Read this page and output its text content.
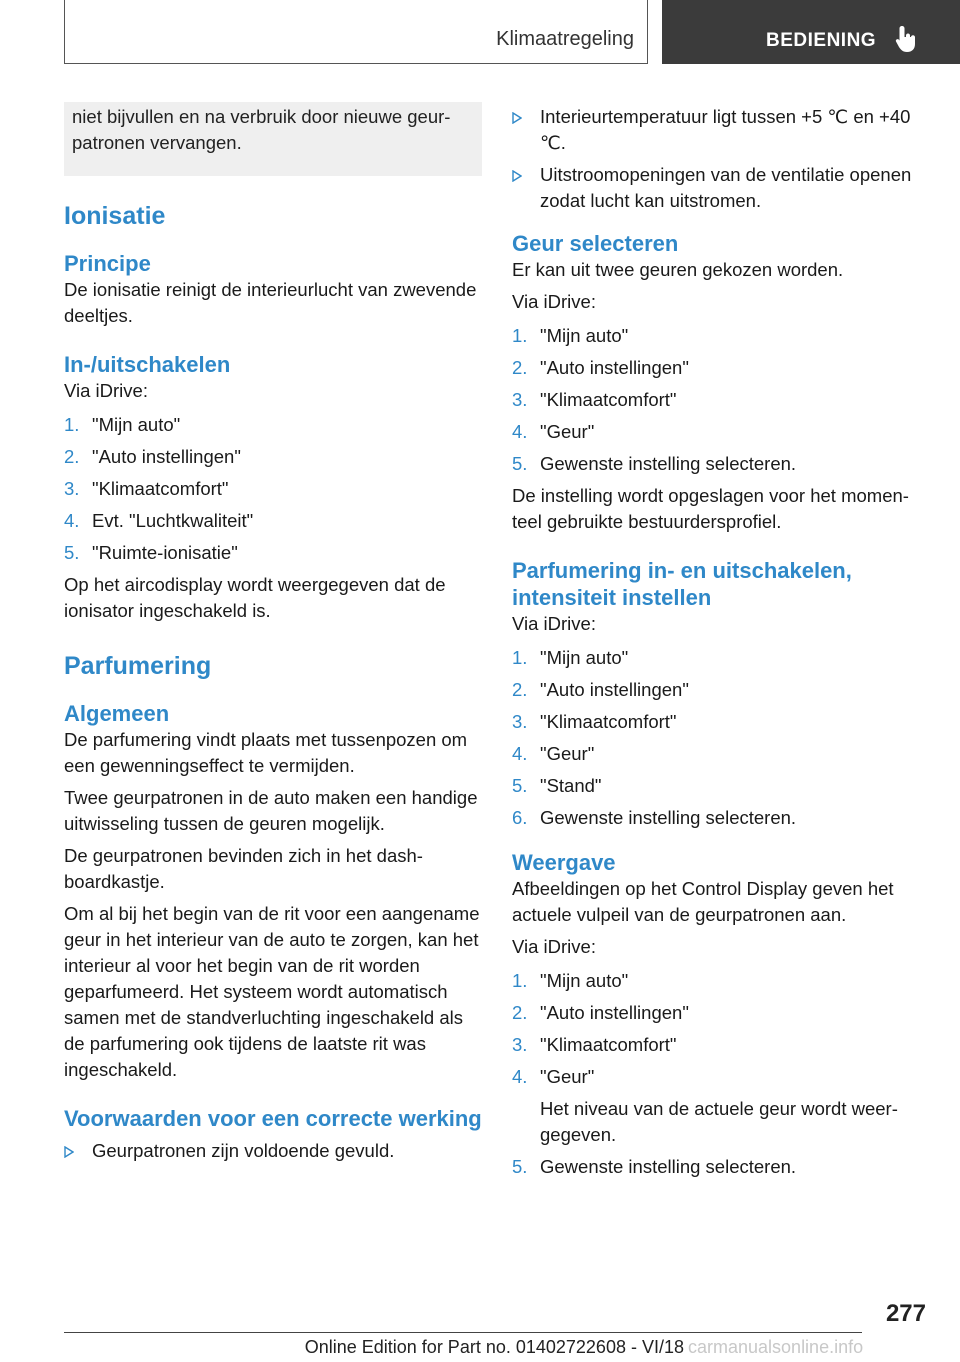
Klimaatregeling	BEDIENING
niet bijvullen en na verbruik door nieuwe geurpatronen vervangen.
Ionisatie
Principe

De ionisatie reinigt de interieurlucht van zwevende deeltjes.

In-/uitschakelen

Via iDrive:

1. "Mijn auto"
2. "Auto instellingen"
3. "Klimaatcomfort"
4. Evt. "Luchtkwaliteit"
5. "Ruimte-ionisatie"

Op het aircodisplay wordt weergegeven dat de ionisator ingeschakeld is.

Parfumering
Algemeen

De parfumering vindt plaats met tussenpozen om een gewenningseffect te vermijden.

Twee geurpatronen in de auto maken een handige uitwisseling tussen de geuren mogelijk.

De geurpatronen bevinden zich in het dashboardkastje.

Om al bij het begin van de rit voor een aangename geur in het interieur van de auto te zorgen, kan het interieur al voor het begin van de rit worden geparfumeerd. Het systeem wordt automatisch samen met de standverluchting ingeschakeld als de parfumering ook tijdens de laatste rit was ingeschakeld.

Voorwaarden voor een correcte werking
Geurpatronen zijn voldoende gevuld.
Interieurtemperatuur ligt tussen +5 ℃ en +40 ℃.
Uitstroomopeningen van de ventilatie openen zodat lucht kan uitstromen.
Geur selecteren

Er kan uit twee geuren gekozen worden.

Via iDrive:

1. "Mijn auto"
2. "Auto instellingen"
3. "Klimaatcomfort"
4. "Geur"
5. Gewenste instelling selecteren.

De instelling wordt opgeslagen voor het momenteel gebruikte bestuurdersprofiel.

Parfumering in- en uitschakelen, intensiteit instellen

Via iDrive:

1. "Mijn auto"
2. "Auto instellingen"
3. "Klimaatcomfort"
4. "Geur"
5. "Stand"
6. Gewenste instelling selecteren.
Weergave

Afbeeldingen op het Control Display geven het actuele vulpeil van de geurpatronen aan.

Via iDrive:

1. "Mijn auto"
2. "Auto instellingen"
3. "Klimaatcomfort"
4. "Geur"
Het niveau van de actuele geur wordt weergegeven.
5. Gewenste instelling selecteren.
277
Online Edition for Part no. 01402722608 - VI/18 carmanualsonline.info
